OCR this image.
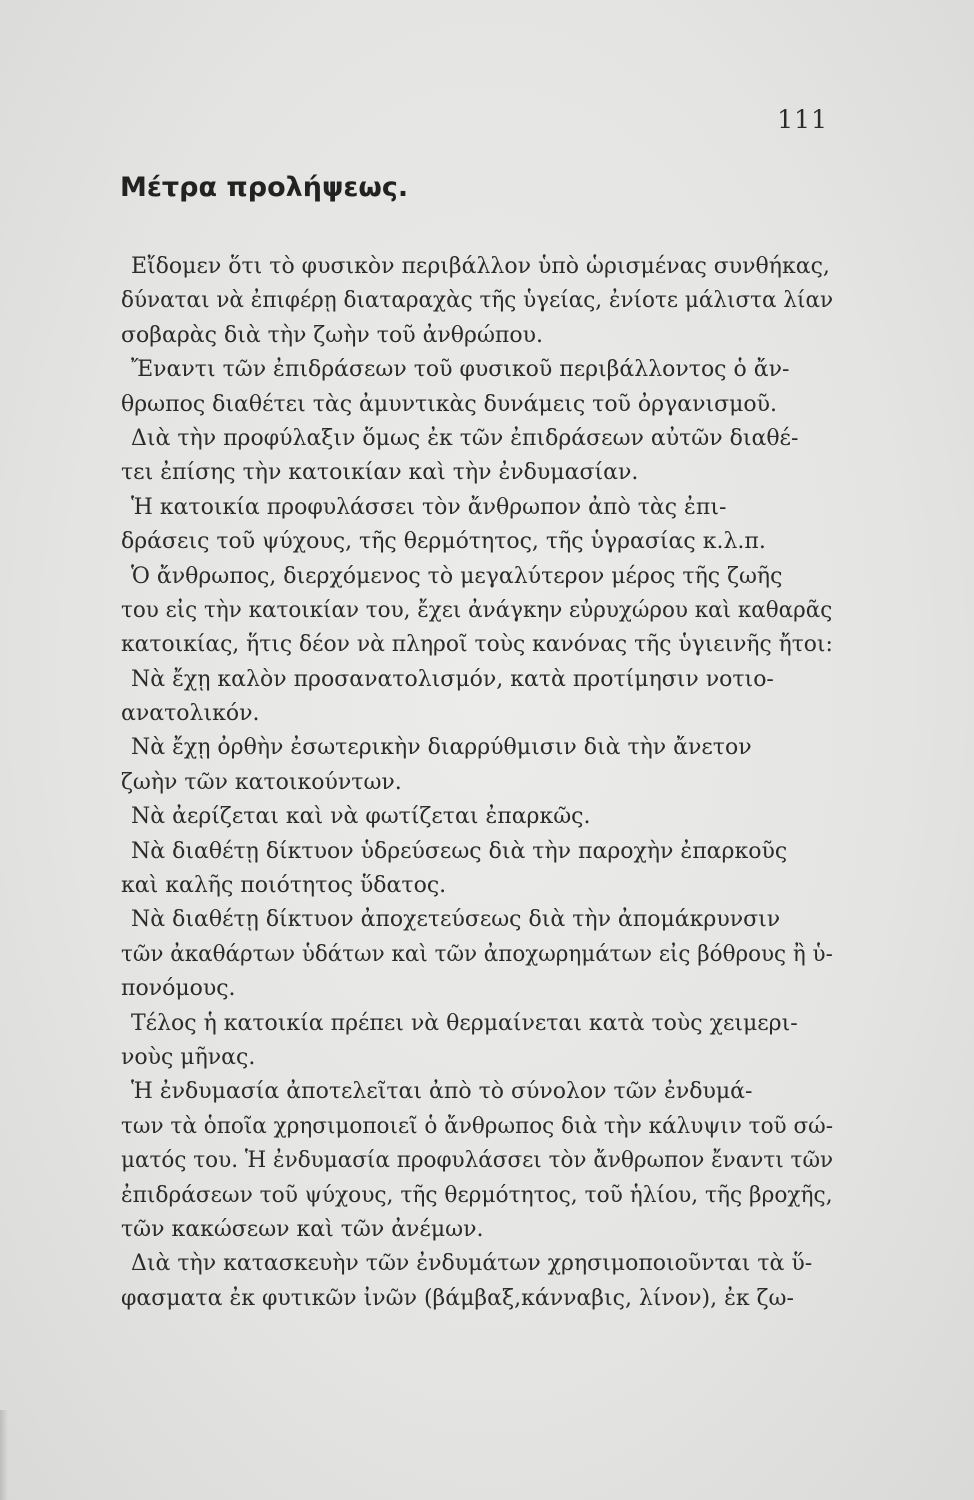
111
Μέτρα προλήψεως.
Εἴδομεν ὅτι τὸ φυσικὸν περιβάλλον ὑπὸ ὡρισμένας συνθήκας,
δύναται νὰ ἐπιφέρῃ διαταραχὰς τῆς ὑγείας, ἐνίοτε μάλιστα λίαν
σοβαρὰς διὰ τὴν ζωὴν τοῦ ἀνθρώπου.
Ἔναντι τῶν ἐπιδράσεων τοῦ φυσικοῦ περιβάλλοντος ὁ ἄν-
θρωπος διαθέτει τὰς ἀμυντικὰς δυνάμεις τοῦ ὀργανισμοῦ.
Διὰ τὴν προφύλαξιν ὅμως ἐκ τῶν ἐπιδράσεων αὐτῶν διαθέ-
τει ἐπίσης τὴν κατοικίαν καὶ τὴν ἐνδυμασίαν.
Ἡ κατοικία προφυλάσσει τὸν ἄνθρωπον ἀπὸ τὰς ἐπι-
δράσεις τοῦ ψύχους, τῆς θερμότητος, τῆς ὑγρασίας κ.λ.π.
Ὁ ἄνθρωπος, διερχόμενος τὸ μεγαλύτερον μέρος τῆς ζωῆς
του εἰς τὴν κατοικίαν του, ἔχει ἀνάγκην εὐρυχώρου καὶ καθαρᾶς
κατοικίας, ἥτις δέον νὰ πληροῖ τοὺς κανόνας τῆς ὑγιεινῆς ἤτοι:
Νὰ ἔχῃ καλὸν προσανατολισμόν, κατὰ προτίμησιν νοτιο-
ανατολικόν.
Νὰ ἔχῃ ὀρθὴν ἐσωτερικὴν διαρρύθμισιν διὰ τὴν ἄνετον
ζωὴν τῶν κατοικούντων.
Νὰ ἀερίζεται καὶ νὰ φωτίζεται ἐπαρκῶς.
Νὰ διαθέτῃ δίκτυον ὑδρεύσεως διὰ τὴν παροχὴν ἐπαρκοῦς
καὶ καλῆς ποιότητος ὕδατος.
Νὰ διαθέτῃ δίκτυον ἀποχετεύσεως διὰ τὴν ἀπομάκρυνσιν
τῶν ἀκαθάρτων ὑδάτων καὶ τῶν ἀποχωρημάτων εἰς βόθρους ἢ ὑ-
πονόμους.
Τέλος ἡ κατοικία πρέπει νὰ θερμαίνεται κατὰ τοὺς χειμερι-
νοὺς μῆνας.
Ἡ ἐνδυμασία ἀποτελεῖται ἀπὸ τὸ σύνολον τῶν ἐνδυμά-
των τὰ ὁποῖα χρησιμοποιεῖ ὁ ἄνθρωπος διὰ τὴν κάλυψιν τοῦ σώ-
ματός του. Ἡ ἐνδυμασία προφυλάσσει τὸν ἄνθρωπον ἔναντι τῶν
ἐπιδράσεων τοῦ ψύχους, τῆς θερμότητος, τοῦ ἡλίου, τῆς βροχῆς,
τῶν κακώσεων καὶ τῶν ἀνέμων.
Διὰ τὴν κατασκευὴν τῶν ἐνδυμάτων χρησιμοποιοῦνται τὰ ὕ-
φασματα ἐκ φυτικῶν ἰνῶν (βάμβαξ,κάνναβις, λίνον), ἐκ ζω-
